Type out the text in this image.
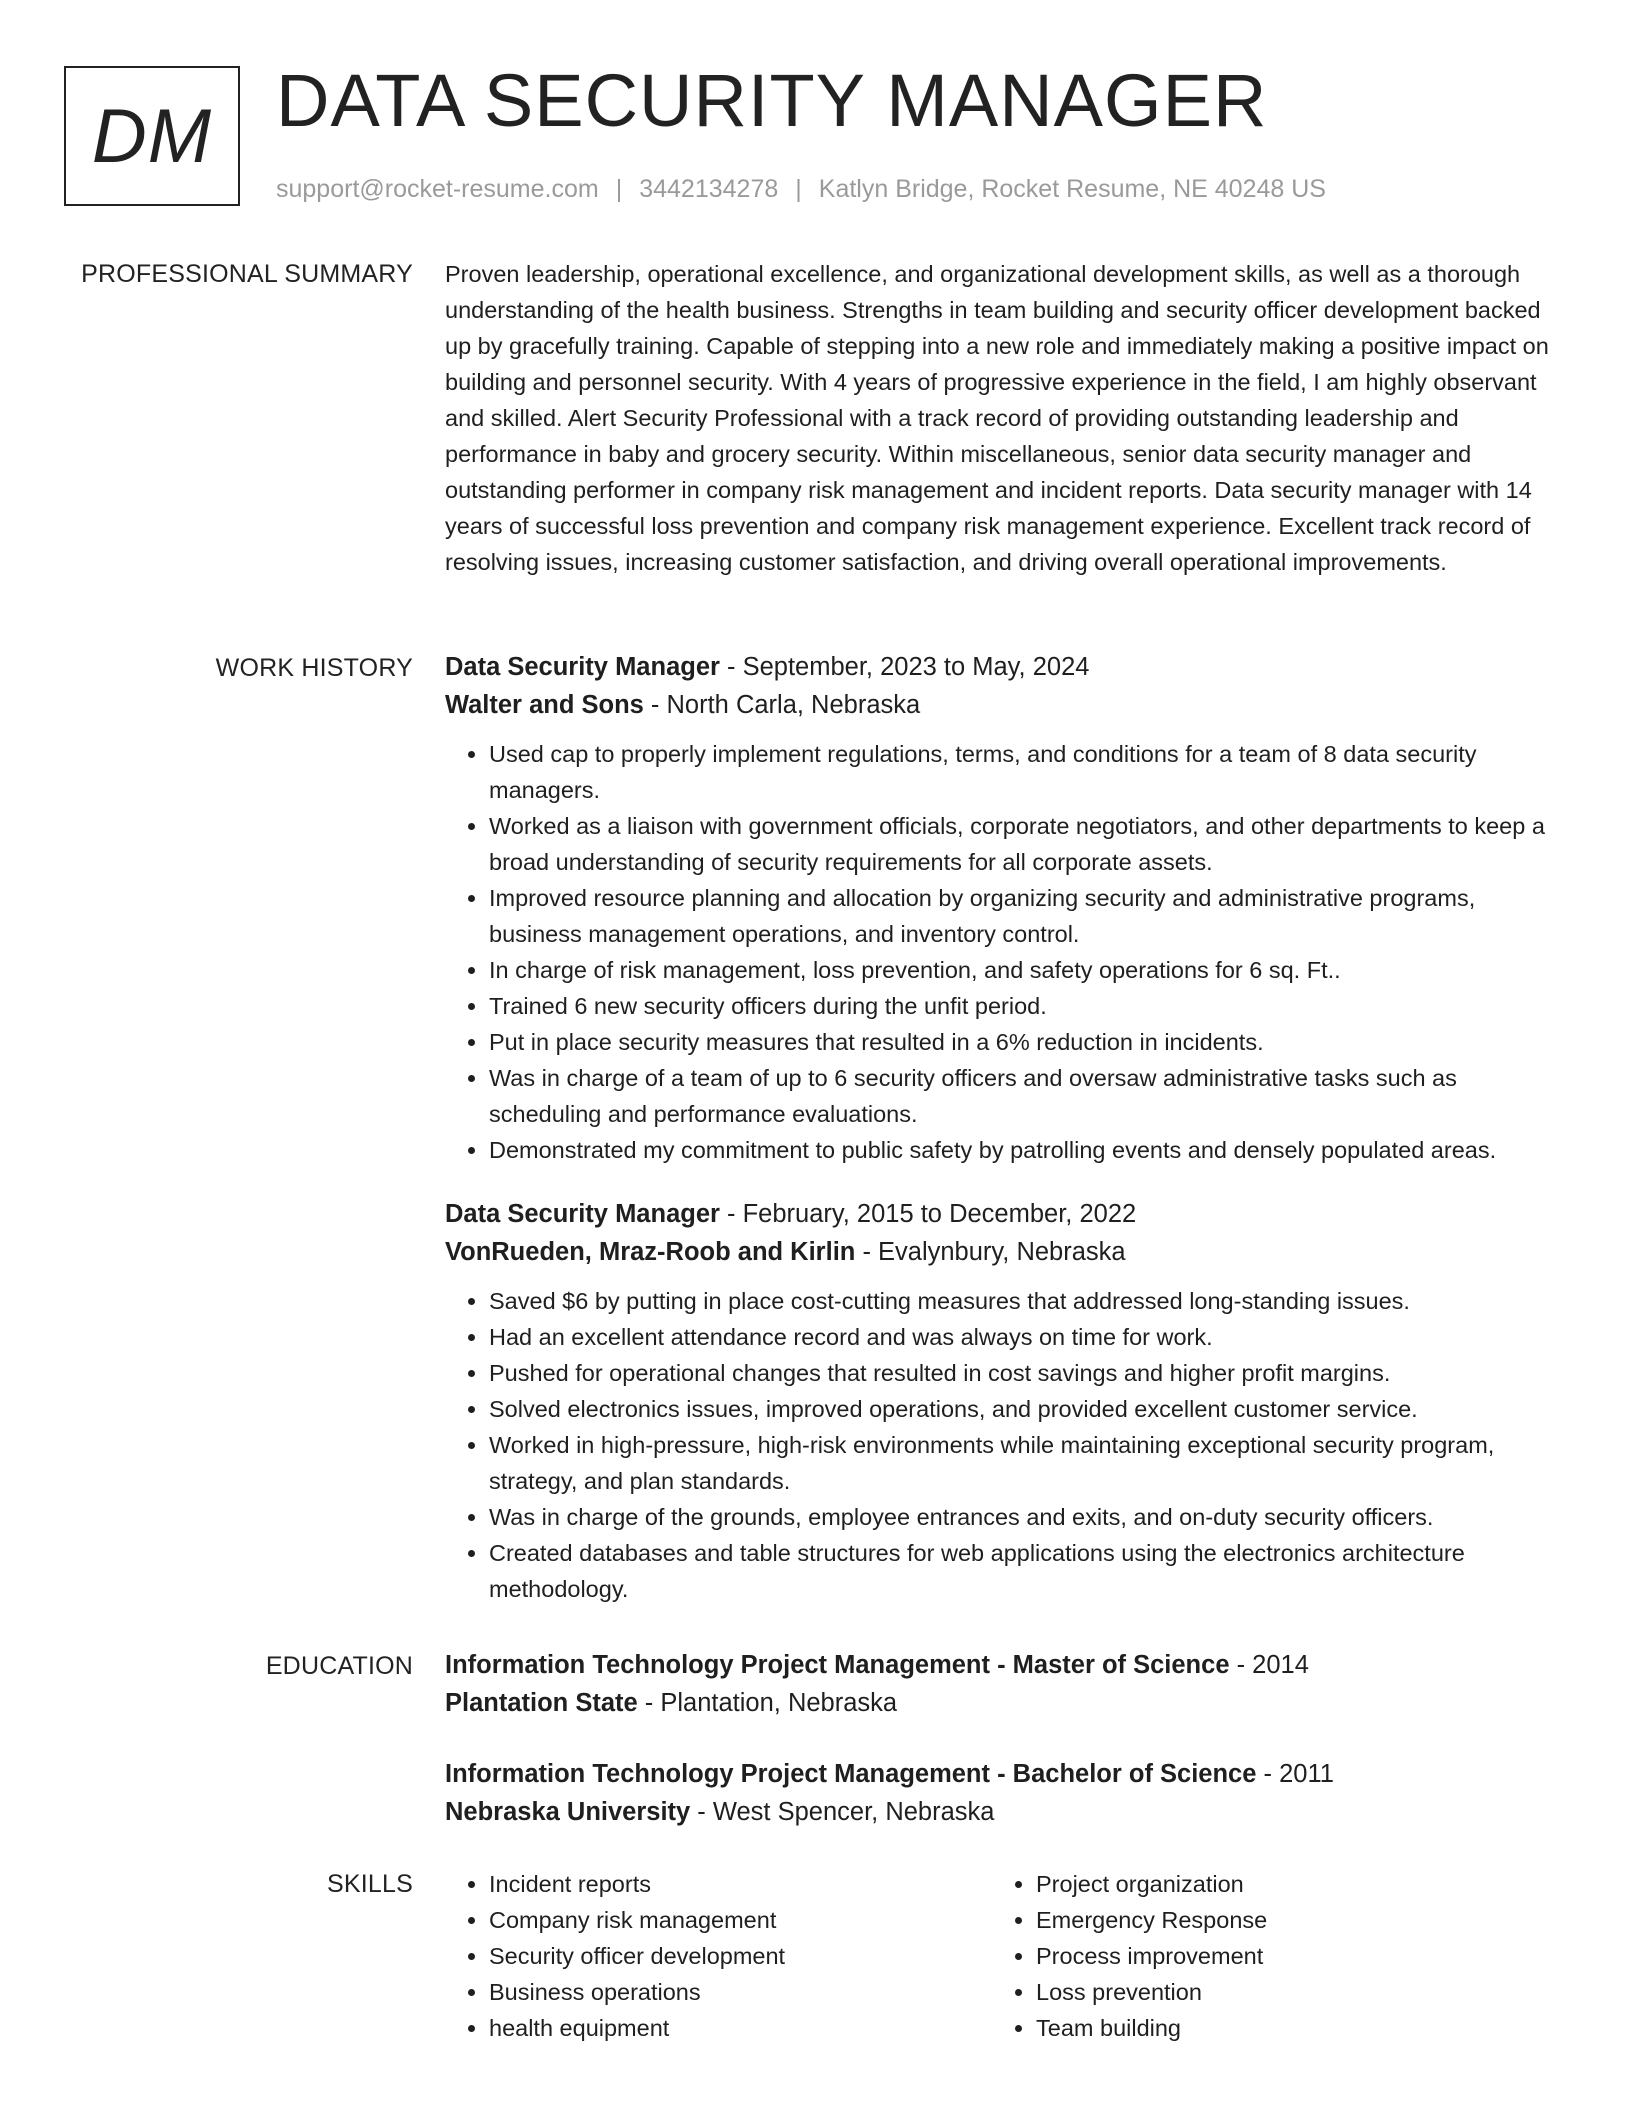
DM DATA SECURITY MANAGER
support@rocket-resume.com | 3442134278 | Katlyn Bridge, Rocket Resume, NE 40248 US
PROFESSIONAL SUMMARY Proven leadership, operational excellence, and organizational development skills, as well as a thorough understanding of the health business. Strengths in team building and security officer development backed up by gracefully training. Capable of stepping into a new role and immediately making a positive impact on building and personnel security. With 4 years of progressive experience in the field, I am highly observant and skilled. Alert Security Professional with a track record of providing outstanding leadership and performance in baby and grocery security. Within miscellaneous, senior data security manager and outstanding performer in company risk management and incident reports. Data security manager with 14 years of successful loss prevention and company risk management experience. Excellent track record of resolving issues, increasing customer satisfaction, and driving overall operational improvements.

WORK HISTORY Data Security Manager - September, 2023 to May, 2024

Walter and Sons - North Carla, Nebraska

• Used cap to properly implement regulations, terms, and conditions for a team of 8 data security managers.
• Worked as a liaison with government officials, corporate negotiators, and other departments to keep a broad understanding of security requirements for all corporate assets.
• Improved resource planning and allocation by organizing security and administrative programs, business management operations, and inventory control.
• In charge of risk management, loss prevention, and safety operations for 6 sq. Ft..
• Trained 6 new security officers during the unfit period.
• Put in place security measures that resulted in a 6% reduction in incidents.
• Was in charge of a team of up to 6 security officers and oversaw administrative tasks such as scheduling and performance evaluations.
• Demonstrated my commitment to public safety by patrolling events and densely populated areas.

Data Security Manager - February, 2015 to December, 2022

VonRueden, Mraz-Roob and Kirlin - Evalynbury, Nebraska

• Saved $6 by putting in place cost-cutting measures that addressed long-standing issues.
• Had an excellent attendance record and was always on time for work.
• Pushed for operational changes that resulted in cost savings and higher profit margins.
• Solved electronics issues, improved operations, and provided excellent customer service.
• Worked in high-pressure, high-risk environments while maintaining exceptional security program, strategy, and plan standards.
• Was in charge of the grounds, employee entrances and exits, and on-duty security officers.
• Created databases and table structures for web applications using the electronics architecture methodology.
EDUCATION Information Technology Project Management - Master of Science - 2014

Plantation State - Plantation, Nebraska

Information Technology Project Management - Bachelor of Science - 2011

Nebraska University - West Spencer, Nebraska

SKILLS
•	Incident reports
• Company risk management
• Security officer development
• Business operations
• health equipment
• Project organization
• Emergency Response
• Process improvement
• Loss prevention
• Team building
